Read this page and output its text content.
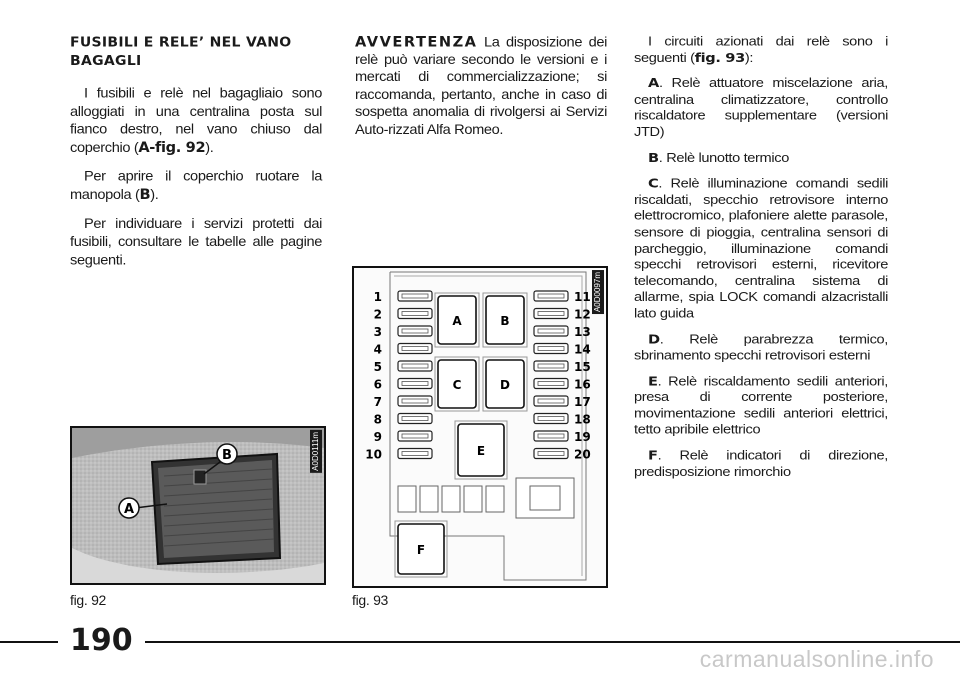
FUSIBILI E RELE’ NEL VANO BAGAGLI

I fusibili e relè nel bagagliaio sono alloggiati in una centralina posta sul fianco destro, nel vano chiuso dal coperchio (A-fig. 92).

Per aprire il coperchio ruotare la manopola (B).

Per individuare i servizi protetti dai fusibili, consultare le tabelle alle pagine seguenti.

AVVERTENZA La disposizione dei relè può variare secondo le versioni e i mercati di commercializzazione; si raccomanda, pertanto, anche in caso di sospetta anomalia di rivolgersi ai Servizi Auto-rizzati Alfa Romeo.

I circuiti azionati dai relè sono i seguenti (fig. 93):

A. Relè attuatore miscelazione aria, centralina climatizzatore, controllo riscaldatore supplementare (versioni JTD)

B. Relè lunotto termico

C. Relè illuminazione comandi sedili riscaldati, specchio retrovisore interno elettrocromico, plafoniere alette parasole, sensore di pioggia, centralina sensori di parcheggio, illuminazione comandi specchi retrovisori esterni, ricevitore telecomando, centralina sistema di allarme, spia LOCK comandi alzacristalli lato guida

D. Relè parabrezza termico, sbrinamento specchi retrovisori esterni

E. Relè riscaldamento sedili anteriori, presa di corrente posteriore, movimentazione sedili anteriori elettrici, tetto apribile elettrico

F. Relè indicatori di direzione, predisposizione rimorchio

B
A
A0D0111m
fig. 92
1
2
3
4
5
6
7
8
9
10
11
12
13
14
15
16
17
18
19
20
A	B
C	D
E
F
A0D0097m
fig. 93
190
carmanualsonline.info
